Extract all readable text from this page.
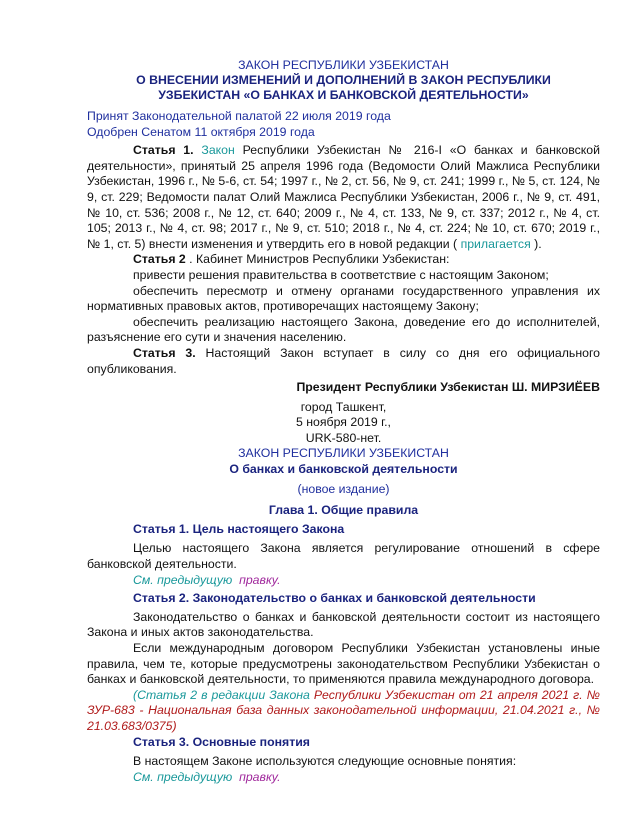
ЗАКОН РЕСПУБЛИКИ УЗБЕКИСТАН

О ВНЕСЕНИИ ИЗМЕНЕНИЙ И ДОПОЛНЕНИЙ В ЗАКОН РЕСПУБЛИКИ

УЗБЕКИСТАН «О БАНКАХ И БАНКОВСКОЙ ДЕЯТЕЛЬНОСТИ»

Принят Законодательной палатой 22 июля 2019 года

Одобрен Сенатом 11 октября 2019 года

Статья 1. Закон Республики Узбекистан № 216-I «О банках и банковской деятельности», принятый 25 апреля 1996 года (Ведомости Олий Мажлиса Республики Узбекистан, 1996 г., № 5-6, ст. 54; 1997 г., № 2, ст. 56, № 9, ст. 241; 1999 г., № 5, ст. 124, № 9, ст. 229; Ведомости палат Олий Мажлиса Республики Узбекистан, 2006 г., № 9, ст. 491, № 10, ст. 536; 2008 г., № 12, ст. 640; 2009 г., № 4, ст. 133, № 9, ст. 337; 2012 г., № 4, ст. 105; 2013 г., № 4, ст. 98; 2017 г., № 9, ст. 510; 2018 г., № 4, ст. 224; № 10, ст. 670; 2019 г., № 1, ст. 5) внести изменения и утвердить его в новой редакции ( прилагается ).

Статья 2 . Кабинет Министров Республики Узбекистан:

привести решения правительства в соответствие с настоящим Законом;

обеспечить пересмотр и отмену органами государственного управления их нормативных правовых актов, противоречащих настоящему Закону;

обеспечить реализацию настоящего Закона, доведение его до исполнителей, разъяснение его сути и значения населению.

Статья 3. Настоящий Закон вступает в силу со дня его официального опубликования.

Президент Республики Узбекистан Ш. МИРЗИЁЕВ

город Ташкент,

5 ноября 2019 г.,

URK-580-нет.

ЗАКОН РЕСПУБЛИКИ УЗБЕКИСТАН

О банках и банковской деятельности

(новое издание)

Глава 1. Общие правила

Статья 1. Цель настоящего Закона

Целью настоящего Закона является регулирование отношений в сфере банковской деятельности.

См. предыдущую правку.

Статья 2. Законодательство о банках и банковской деятельности

Законодательство о банках и банковской деятельности состоит из настоящего Закона и иных актов законодательства.

Если международным договором Республики Узбекистан установлены иные правила, чем те, которые предусмотрены законодательством Республики Узбекистан о банках и банковской деятельности, то применяются правила международного договора.

(Статья 2 в редакции Закона Республики Узбекистан от 21 апреля 2021 г. № ЗУР-683 - Национальная база данных законодательной информации, 21.04.2021 г., № 21.03.683/0375)

Статья 3. Основные понятия

В настоящем Законе используются следующие основные понятия:

См. предыдущую правку.
